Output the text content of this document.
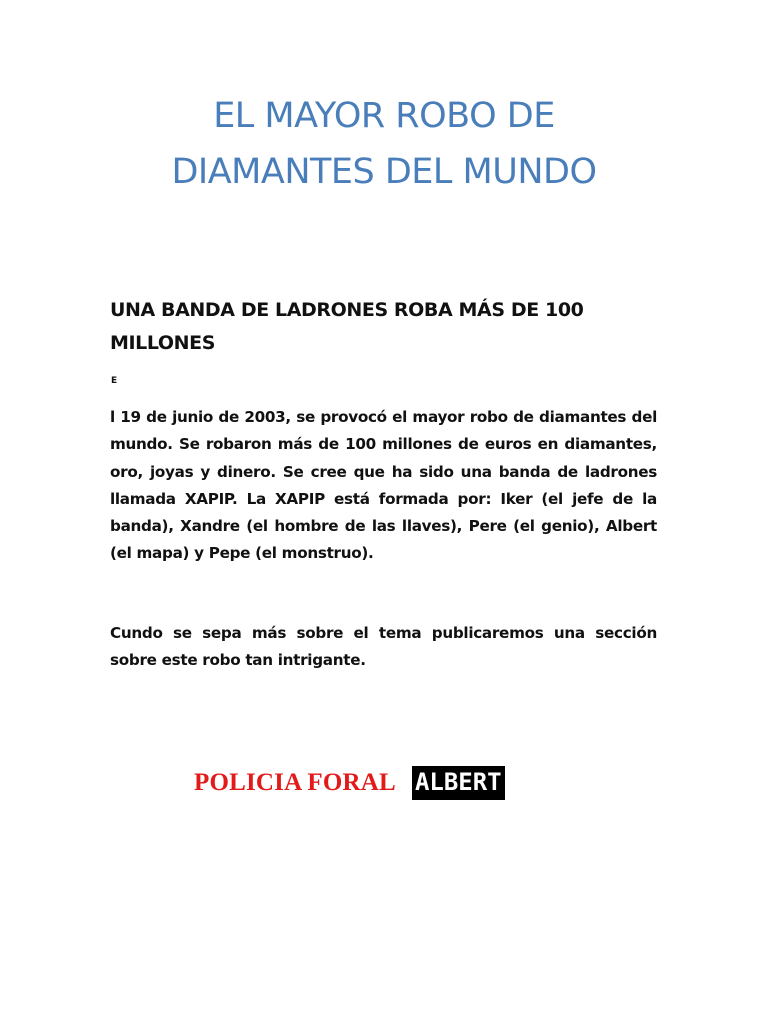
EL MAYOR ROBO DE
DIAMANTES DEL MUNDO
UNA BANDA DE LADRONES ROBA MÁS DE 100 MILLONES
E

l 19 de junio de 2003, se provocó el mayor robo de diamantes del mundo. Se robaron más de 100 millones de euros en diamantes, oro, joyas y dinero. Se cree que ha sido una banda de ladrones llamada XAPIP. La XAPIP está formada por: Iker (el jefe de la banda), Xandre (el hombre de las llaves), Pere (el genio), Albert (el mapa) y Pepe (el monstruo).

Cundo se sepa más sobre el tema publicaremos una sección sobre este robo tan intrigante.

POLICIA FORAL ALBERT
